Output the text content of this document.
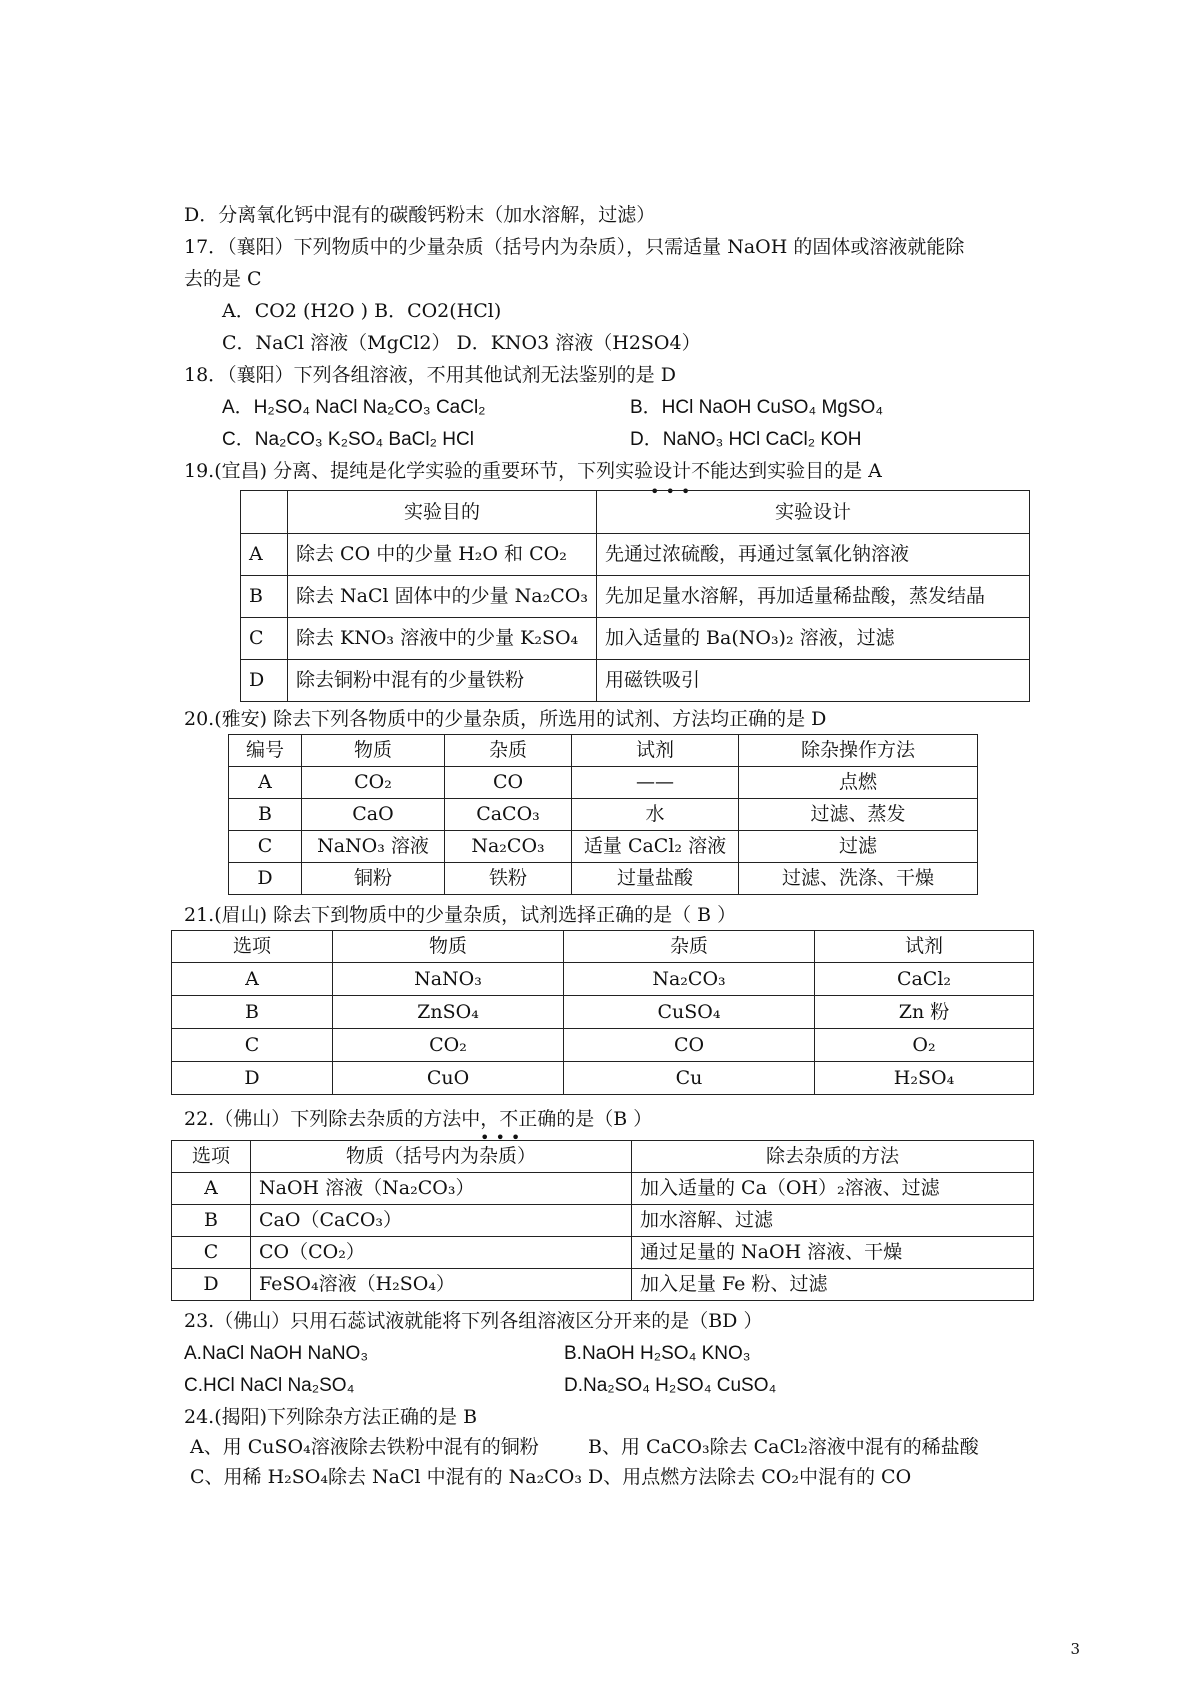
D．分离氧化钙中混有的碳酸钙粉末（加水溶解，过滤）
17．（襄阳）下列物质中的少量杂质（括号内为杂质），只需适量 NaOH 的固体或溶液就能除
去的是 C
A．CO2 (H2O ) B．CO2(HCl)
C．NaCl 溶液（MgCl2） D．KNO3 溶液（H2SO4）
18．（襄阳）下列各组溶液，不用其他试剂无法鉴别的是 D
A．H₂SO₄ NaCl Na₂CO₃ CaCl₂	B．HCl NaOH CuSO₄ MgSO₄
C．Na₂CO₃ K₂SO₄ BaCl₂ HCl	D．NaNO₃ HCl CaCl₂ KOH
19.(宜昌) 分离、提纯是化学实验的重要环节，下列实验设计不能达到实验目的是 A
•••
	实验目的	实验设计
A	除去 CO 中的少量 H₂O 和 CO₂	先通过浓硫酸，再通过氢氧化钠溶液
B	除去 NaCl 固体中的少量 Na₂CO₃	先加足量水溶解，再加适量稀盐酸，蒸发结晶
C	除去 KNO₃ 溶液中的少量 K₂SO₄	加入适量的 Ba(NO₃)₂ 溶液，过滤
D	除去铜粉中混有的少量铁粉	用磁铁吸引
20.(雅安) 除去下列各物质中的少量杂质，所选用的试剂、方法均正确的是 D
编号	物质	杂质	试剂	除杂操作方法
A	CO₂	CO	——	点燃
B	CaO	CaCO₃	水	过滤、蒸发
C	NaNO₃ 溶液	Na₂CO₃	适量 CaCl₂ 溶液	过滤
D	铜粉	铁粉	过量盐酸	过滤、洗涤、干燥
21.(眉山) 除去下到物质中的少量杂质，试剂选择正确的是（ B ）
选项	物质	杂质	试剂
A	NaNO₃	Na₂CO₃	CaCl₂
B	ZnSO₄	CuSO₄	Zn 粉
C	CO₂	CO	O₂
D	CuO	Cu	H₂SO₄
22.（佛山）下列除去杂质的方法中，不正确的是（B ）
•••
选项	物质（括号内为杂质）	除去杂质的方法
A	NaOH 溶液（Na₂CO₃）	加入适量的 Ca（OH）₂溶液、过滤
B	CaO（CaCO₃）	加水溶解、过滤
C	CO（CO₂）	通过足量的 NaOH 溶液、干燥
D	FeSO₄溶液（H₂SO₄）	加入足量 Fe 粉、过滤
23.（佛山）只用石蕊试液就能将下列各组溶液区分开来的是（BD ）
A.NaCl NaOH NaNO₃	B.NaOH H₂SO₄ KNO₃
C.HCl NaCl Na₂SO₄	D.Na₂SO₄ H₂SO₄ CuSO₄
24.(揭阳)下列除杂方法正确的是 B
A、用 CuSO₄溶液除去铁粉中混有的铜粉	B、用 CaCO₃除去 CaCl₂溶液中混有的稀盐酸
C、用稀 H₂SO₄除去 NaCl 中混有的 Na₂CO₃ D、用点燃方法除去 CO₂中混有的 CO
3
